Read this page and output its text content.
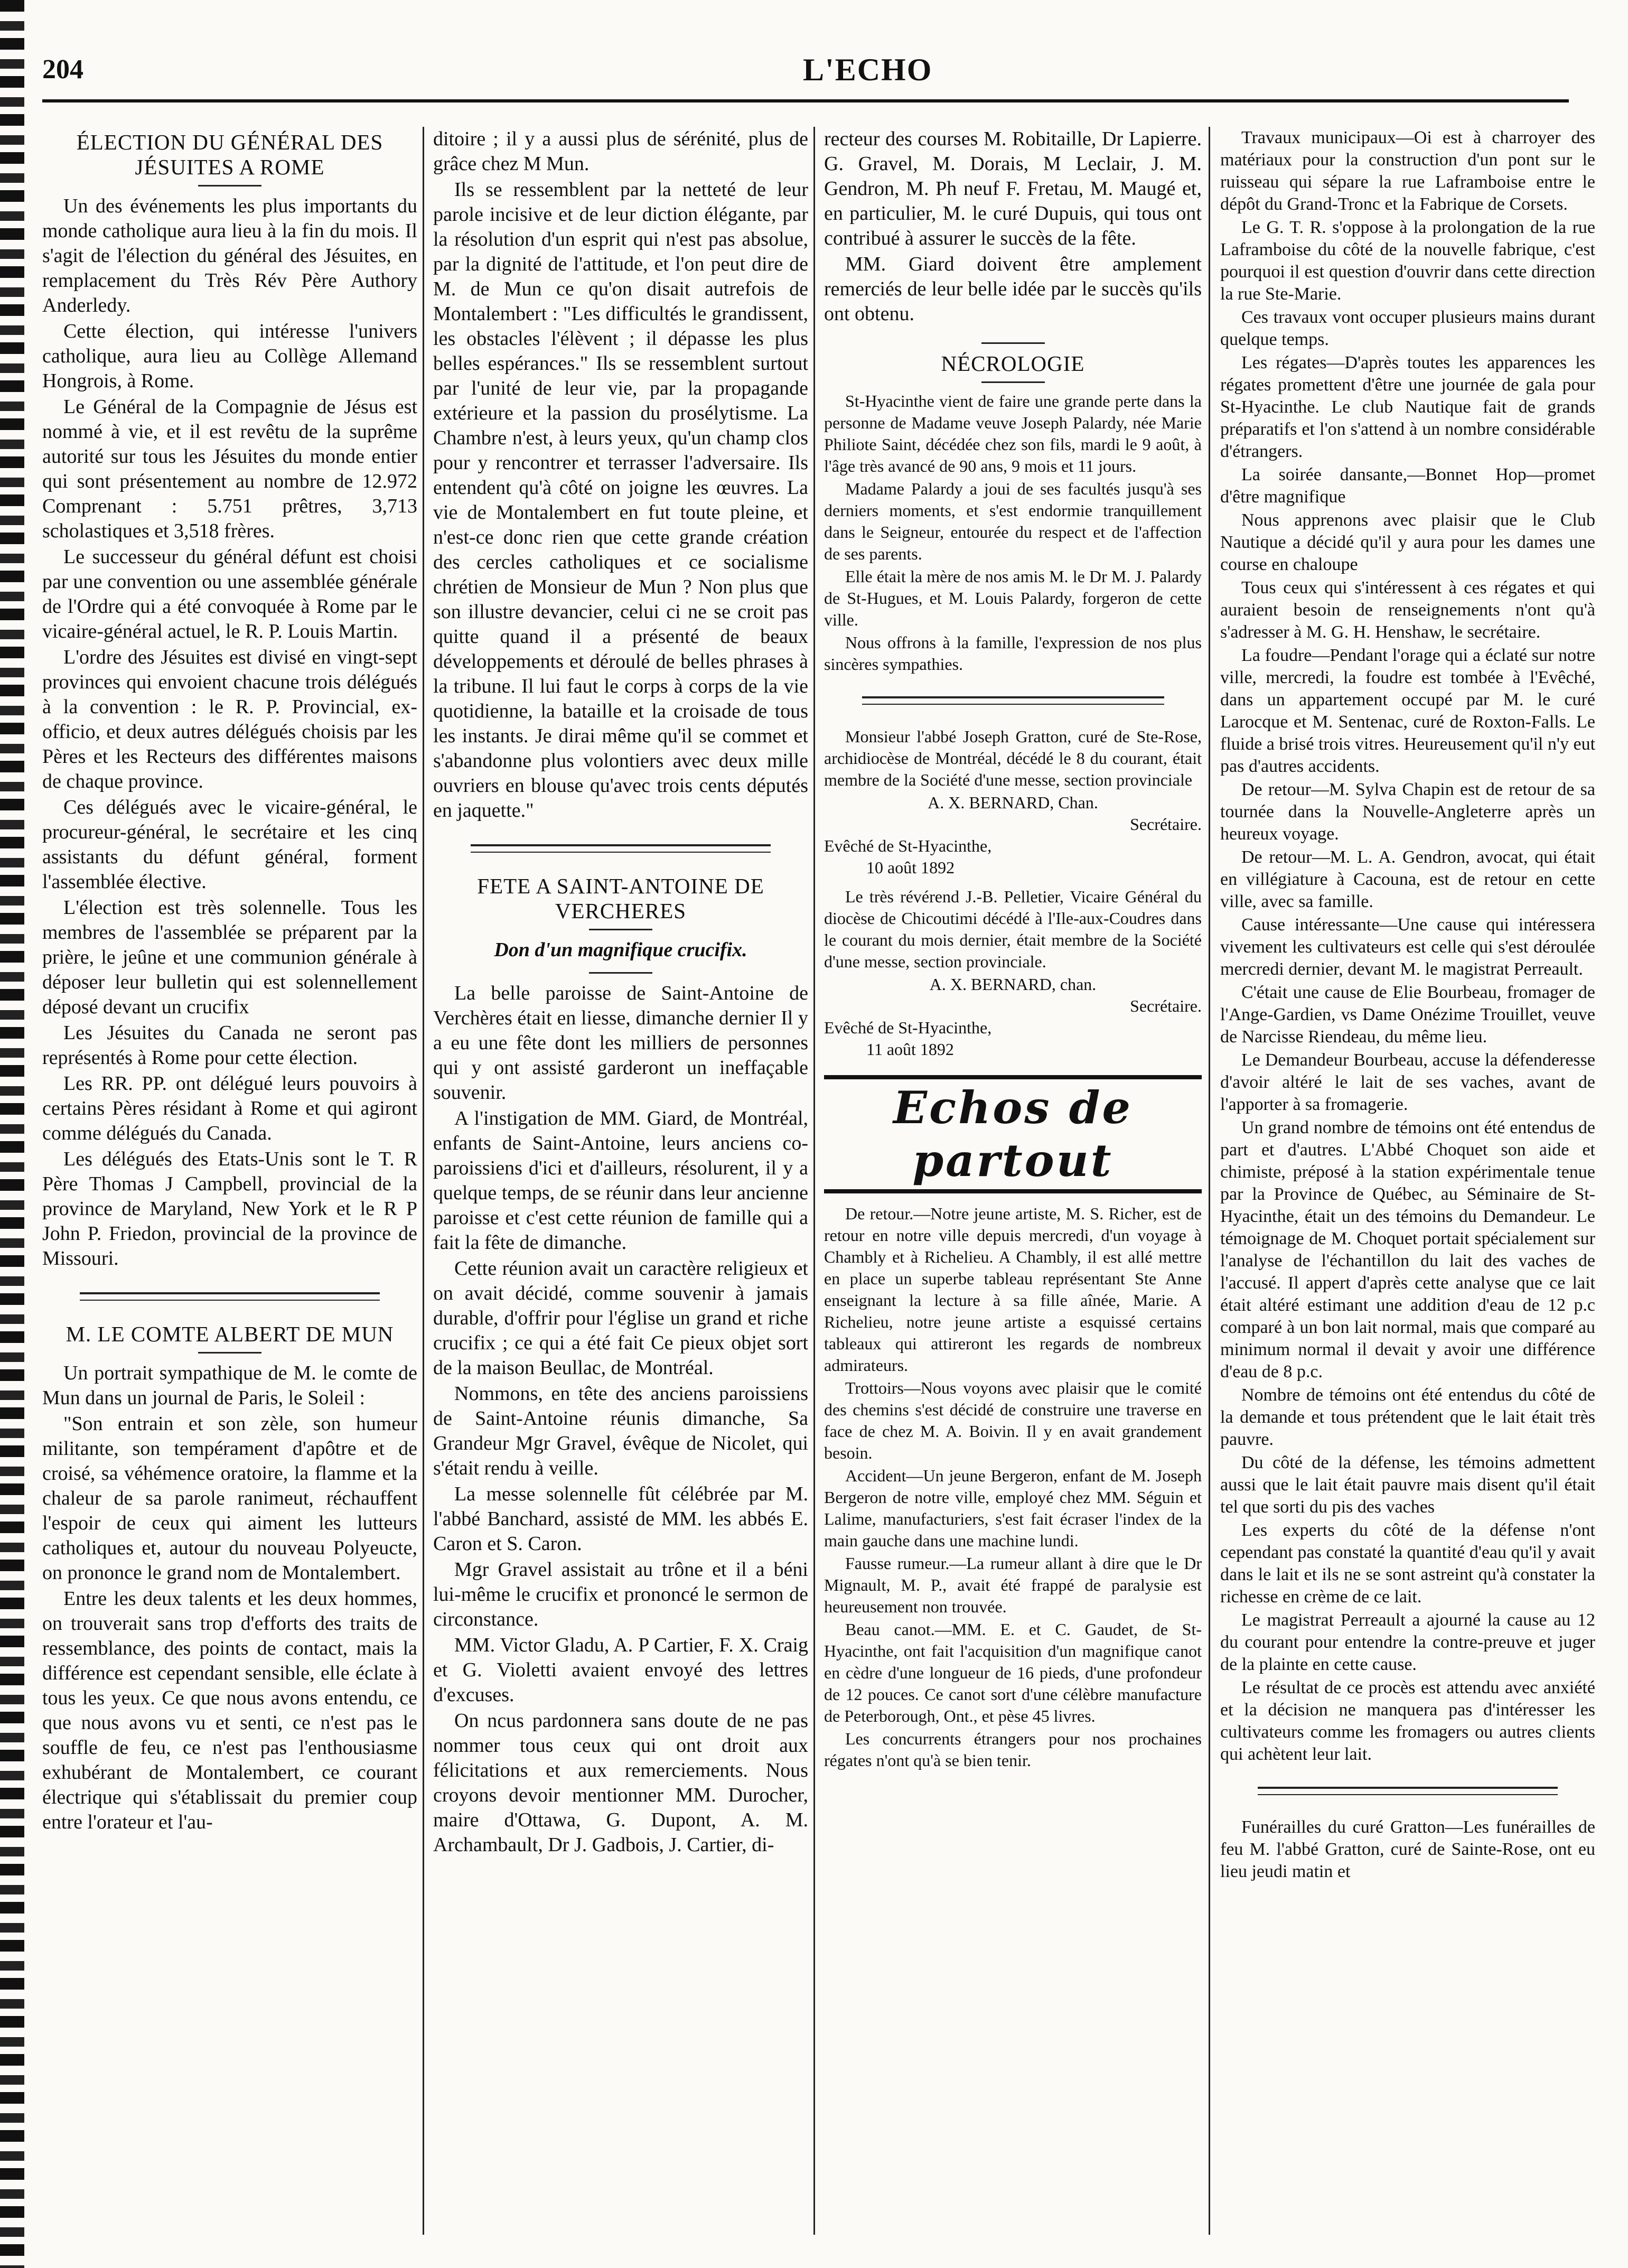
204	L'ECHO
ÉLECTION DU GÉNÉRAL DES JÉSUITES A ROME

Un des événements les plus importants du monde catholique aura lieu à la fin du mois. Il s'agit de l'élection du général des Jésuites, en remplacement du Très Rév Père Authory Anderledy.

Cette élection, qui intéresse l'univers catholique, aura lieu au Collège Allemand Hongrois, à Rome.

Le Général de la Compagnie de Jésus est nommé à vie, et il est revêtu de la suprême autorité sur tous les Jésuites du monde entier qui sont présentement au nombre de 12.972 Comprenant : 5.751 prêtres, 3,713 scholastiques et 3,518 frères.

Le successeur du général défunt est choisi par une convention ou une assemblée générale de l'Ordre qui a été convoquée à Rome par le vicaire-général actuel, le R. P. Louis Martin.

L'ordre des Jésuites est divisé en vingt-sept provinces qui envoient chacune trois délégués à la convention : le R. P. Provincial, ex-officio, et deux autres délégués choisis par les Pères et les Recteurs des différentes maisons de chaque province.

Ces délégués avec le vicaire-général, le procureur-général, le secrétaire et les cinq assistants du défunt général, forment l'assemblée élective.

L'élection est très solennelle. Tous les membres de l'assemblée se préparent par la prière, le jeûne et une communion générale à déposer leur bulletin qui est solennellement déposé devant un crucifix

Les Jésuites du Canada ne seront pas représentés à Rome pour cette élection.

Les RR. PP. ont délégué leurs pouvoirs à certains Pères résidant à Rome et qui agiront comme délégués du Canada.

Les délégués des Etats-Unis sont le T. R Père Thomas J Campbell, provincial de la province de Maryland, New York et le R P John P. Friedon, provincial de la province de Missouri.

M. LE COMTE ALBERT DE MUN

Un portrait sympathique de M. le comte de Mun dans un journal de Paris, le Soleil :

"Son entrain et son zèle, son humeur militante, son tempérament d'apôtre et de croisé, sa véhémence oratoire, la flamme et la chaleur de sa parole ranimeut, réchauffent l'espoir de ceux qui aiment les lutteurs catholiques et, autour du nouveau Polyeucte, on prononce le grand nom de Montalembert.

Entre les deux talents et les deux hommes, on trouverait sans trop d'efforts des traits de ressemblance, des points de contact, mais la différence est cependant sensible, elle éclate à tous les yeux. Ce que nous avons entendu, ce que nous avons vu et senti, ce n'est pas le souffle de feu, ce n'est pas l'enthousiasme exhubérant de Montalembert, ce courant électrique qui s'établissait du premier coup entre l'orateur et l'au-

ditoire ; il y a aussi plus de sérénité, plus de grâce chez M Mun.

Ils se ressemblent par la netteté de leur parole incisive et de leur diction élégante, par la résolution d'un esprit qui n'est pas absolue, par la dignité de l'attitude, et l'on peut dire de M. de Mun ce qu'on disait autrefois de Montalembert : "Les difficultés le grandissent, les obstacles l'élèvent ; il dépasse les plus belles espérances." Ils se ressemblent surtout par l'unité de leur vie, par la propagande extérieure et la passion du prosélytisme. La Chambre n'est, à leurs yeux, qu'un champ clos pour y rencontrer et terrasser l'adversaire. Ils entendent qu'à côté on joigne les œuvres. La vie de Montalembert en fut toute pleine, et n'est-ce donc rien que cette grande création des cercles catholiques et ce socialisme chrétien de Monsieur de Mun ? Non plus que son illustre devancier, celui ci ne se croit pas quitte quand il a présenté de beaux développements et déroulé de belles phrases à la tribune. Il lui faut le corps à corps de la vie quotidienne, la bataille et la croisade de tous les instants. Je dirai même qu'il se commet et s'abandonne plus volontiers avec deux mille ouvriers en blouse qu'avec trois cents députés en jaquette."

FETE A SAINT-ANTOINE DE VERCHERES
Don d'un magnifique crucifix.

La belle paroisse de Saint-Antoine de Verchères était en liesse, dimanche dernier Il y a eu une fête dont les milliers de personnes qui y ont assisté garderont un ineffaçable souvenir.

A l'instigation de MM. Giard, de Montréal, enfants de Saint-Antoine, leurs anciens co-paroissiens d'ici et d'ailleurs, résolurent, il y a quelque temps, de se réunir dans leur ancienne paroisse et c'est cette réunion de famille qui a fait la fête de dimanche.

Cette réunion avait un caractère religieux et on avait décidé, comme souvenir à jamais durable, d'offrir pour l'église un grand et riche crucifix ; ce qui a été fait Ce pieux objet sort de la maison Beullac, de Montréal.

Nommons, en tête des anciens paroissiens de Saint-Antoine réunis dimanche, Sa Grandeur Mgr Gravel, évêque de Nicolet, qui s'était rendu à veille.

La messe solennelle fût célébrée par M. l'abbé Banchard, assisté de MM. les abbés E. Caron et S. Caron.

Mgr Gravel assistait au trône et il a béni lui-même le crucifix et prononcé le sermon de circonstance.

MM. Victor Gladu, A. P Cartier, F. X. Craig et G. Violetti avaient envoyé des lettres d'excuses.

On ncus pardonnera sans doute de ne pas nommer tous ceux qui ont droit aux félicitations et aux remerciements. Nous croyons devoir mentionner MM. Durocher, maire d'Ottawa, G. Dupont, A. M. Archambault, Dr J. Gadbois, J. Cartier, di-

recteur des courses M. Robitaille, Dr Lapierre. G. Gravel, M. Dorais, M Leclair, J. M. Gendron, M. Ph neuf F. Fretau, M. Maugé et, en particulier, M. le curé Dupuis, qui tous ont contribué à assurer le succès de la fête.

MM. Giard doivent être amplement remerciés de leur belle idée par le succès qu'ils ont obtenu.

NÉCROLOGIE

St-Hyacinthe vient de faire une grande perte dans la personne de Madame veuve Joseph Palardy, née Marie Philiote Saint, décédée chez son fils, mardi le 9 août, à l'âge très avancé de 90 ans, 9 mois et 11 jours.

Madame Palardy a joui de ses facultés jusqu'à ses derniers moments, et s'est endormie tranquillement dans le Seigneur, entourée du respect et de l'affection de ses parents.

Elle était la mère de nos amis M. le Dr M. J. Palardy de St-Hugues, et M. Louis Palardy, forgeron de cette ville.

Nous offrons à la famille, l'expression de nos plus sincères sympathies.

Monsieur l'abbé Joseph Gratton, curé de Ste-Rose, archidiocèse de Montréal, décédé le 8 du courant, était membre de la Société d'une messe, section provinciale

A. X. BERNARD, Chan.
Secrétaire.
Evêché de St-Hyacinthe,
10 août 1892

Le très révérend J.-B. Pelletier, Vicaire Général du diocèse de Chicoutimi décédé à l'Ile-aux-Coudres dans le courant du mois dernier, était membre de la Société d'une messe, section provinciale.

A. X. BERNARD, chan.
Secrétaire.
Evêché de St-Hyacinthe,
11 août 1892
Echos de partout

De retour.—Notre jeune artiste, M. S. Richer, est de retour en notre ville depuis mercredi, d'un voyage à Chambly et à Richelieu. A Chambly, il est allé mettre en place un superbe tableau représentant Ste Anne enseignant la lecture à sa fille aînée, Marie. A Richelieu, notre jeune artiste a esquissé certains tableaux qui attireront les regards de nombreux admirateurs.

Trottoirs—Nous voyons avec plaisir que le comité des chemins s'est décidé de construire une traverse en face de chez M. A. Boivin. Il y en avait grandement besoin.

Accident—Un jeune Bergeron, enfant de M. Joseph Bergeron de notre ville, employé chez MM. Séguin et Lalime, manufacturiers, s'est fait écraser l'index de la main gauche dans une machine lundi.

Fausse rumeur.—La rumeur allant à dire que le Dr Mignault, M. P., avait été frappé de paralysie est heureusement non trouvée.

Beau canot.—MM. E. et C. Gaudet, de St-Hyacinthe, ont fait l'acquisition d'un magnifique canot en cèdre d'une longueur de 16 pieds, d'une profondeur de 12 pouces. Ce canot sort d'une célèbre manufacture de Peterborough, Ont., et pèse 45 livres.

Les concurrents étrangers pour nos prochaines régates n'ont qu'à se bien tenir.

Travaux municipaux—Oi est à charroyer des matériaux pour la construction d'un pont sur le ruisseau qui sépare la rue Laframboise entre le dépôt du Grand-Tronc et la Fabrique de Corsets.

Le G. T. R. s'oppose à la prolongation de la rue Laframboise du côté de la nouvelle fabrique, c'est pourquoi il est question d'ouvrir dans cette direction la rue Ste-Marie.

Ces travaux vont occuper plusieurs mains durant quelque temps.

Les régates—D'après toutes les apparences les régates promettent d'être une journée de gala pour St-Hyacinthe. Le club Nautique fait de grands préparatifs et l'on s'attend à un nombre considérable d'étrangers.

La soirée dansante,—Bonnet Hop—promet d'être magnifique

Nous apprenons avec plaisir que le Club Nautique a décidé qu'il y aura pour les dames une course en chaloupe

Tous ceux qui s'intéressent à ces régates et qui auraient besoin de renseignements n'ont qu'à s'adresser à M. G. H. Henshaw, le secrétaire.

La foudre—Pendant l'orage qui a éclaté sur notre ville, mercredi, la foudre est tombée à l'Evêché, dans un appartement occupé par M. le curé Larocque et M. Sentenac, curé de Roxton-Falls. Le fluide a brisé trois vitres. Heureusement qu'il n'y eut pas d'autres accidents.

De retour—M. Sylva Chapin est de retour de sa tournée dans la Nouvelle-Angleterre après un heureux voyage.

De retour—M. L. A. Gendron, avocat, qui était en villégiature à Cacouna, est de retour en cette ville, avec sa famille.

Cause intéressante—Une cause qui intéressera vivement les cultivateurs est celle qui s'est déroulée mercredi dernier, devant M. le magistrat Perreault.

C'était une cause de Elie Bourbeau, fromager de l'Ange-Gardien, vs Dame Onézime Trouillet, veuve de Narcisse Riendeau, du même lieu.

Le Demandeur Bourbeau, accuse la défenderesse d'avoir altéré le lait de ses vaches, avant de l'apporter à sa fromagerie.

Un grand nombre de témoins ont été entendus de part et d'autres. L'Abbé Choquet son aide et chimiste, préposé à la station expérimentale tenue par la Province de Québec, au Séminaire de St-Hyacinthe, était un des témoins du Demandeur. Le témoignage de M. Choquet portait spécialement sur l'analyse de l'échantillon du lait des vaches de l'accusé. Il appert d'après cette analyse que ce lait était altéré estimant une addition d'eau de 12 p.c comparé à un bon lait normal, mais que comparé au minimum normal il devait y avoir une différence d'eau de 8 p.c.

Nombre de témoins ont été entendus du côté de la demande et tous prétendent que le lait était très pauvre.

Du côté de la défense, les témoins admettent aussi que le lait était pauvre mais disent qu'il était tel que sorti du pis des vaches

Les experts du côté de la défense n'ont cependant pas constaté la quantité d'eau qu'il y avait dans le lait et ils ne se sont astreint qu'à constater la richesse en crème de ce lait.

Le magistrat Perreault a ajourné la cause au 12 du courant pour entendre la contre-preuve et juger de la plainte en cette cause.

Le résultat de ce procès est attendu avec anxiété et la décision ne manquera pas d'intéresser les cultivateurs comme les fromagers ou autres clients qui achètent leur lait.

Funérailles du curé Gratton—Les funérailles de feu M. l'abbé Gratton, curé de Sainte-Rose, ont eu lieu jeudi matin et
